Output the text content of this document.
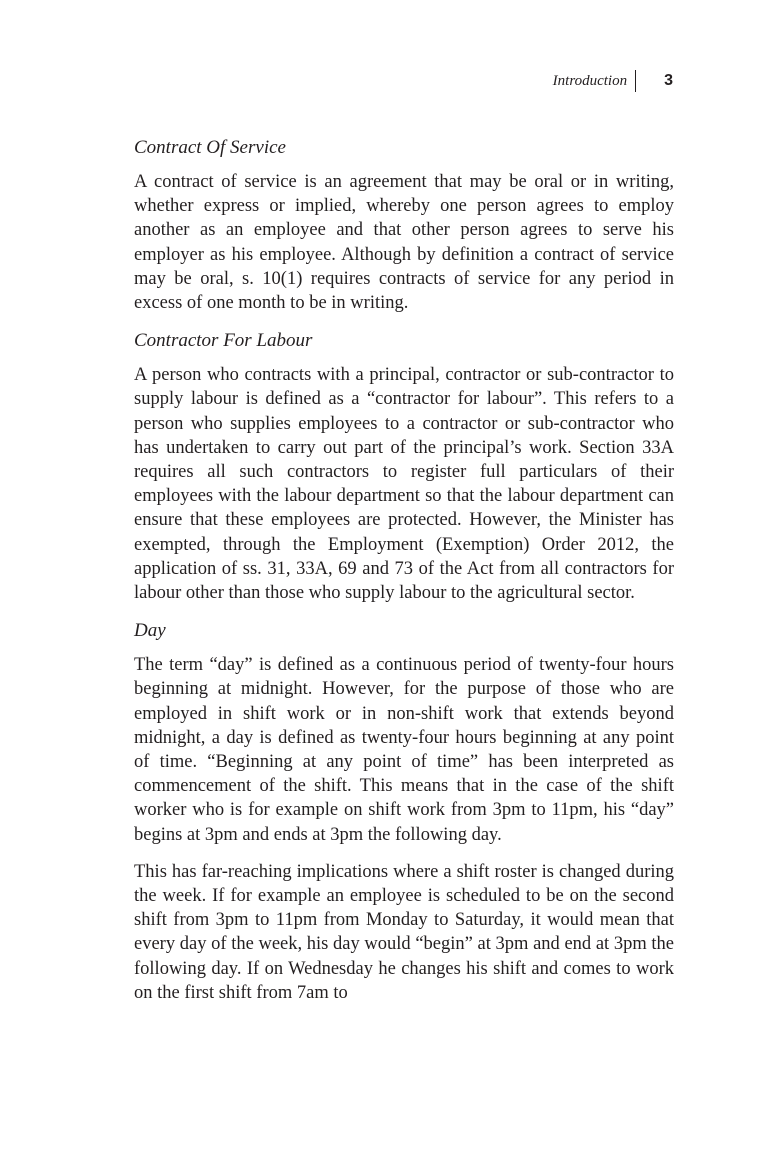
Introduction	3

Contract Of Service

A contract of service is an agreement that may be oral or in writing, whether express or implied, whereby one person agrees to employ another as an employee and that other person agrees to serve his employer as his employee. Although by definition a contract of service may be oral, s. 10(1) requires contracts of service for any period in excess of one month to be in writing.

Contractor For Labour

A person who contracts with a principal, contractor or sub-contractor to supply labour is defined as a “contractor for labour”. This refers to a person who supplies employees to a contractor or sub-contractor who has undertaken to carry out part of the principal’s work. Section 33A requires all such contractors to register full particulars of their employees with the labour department so that the labour department can ensure that these employees are protected. However, the Minister has exempted, through the Employment (Exemption) Order 2012, the application of ss. 31, 33A, 69 and 73 of the Act from all contractors for labour other than those who supply labour to the agricultural sector.

Day

The term “day” is defined as a continuous period of twenty-four hours beginning at midnight. However, for the purpose of those who are employed in shift work or in non-shift work that extends beyond midnight, a day is defined as twenty-four hours beginning at any point of time. “Beginning at any point of time” has been interpreted as commencement of the shift. This means that in the case of the shift worker who is for example on shift work from 3pm to 11pm, his “day” begins at 3pm and ends at 3pm the following day.

This has far-reaching implications where a shift roster is changed during the week. If for example an employee is scheduled to be on the second shift from 3pm to 11pm from Monday to Saturday, it would mean that every day of the week, his day would “begin” at 3pm and end at 3pm the following day. If on Wednesday he changes his shift and comes to work on the first shift from 7am to
